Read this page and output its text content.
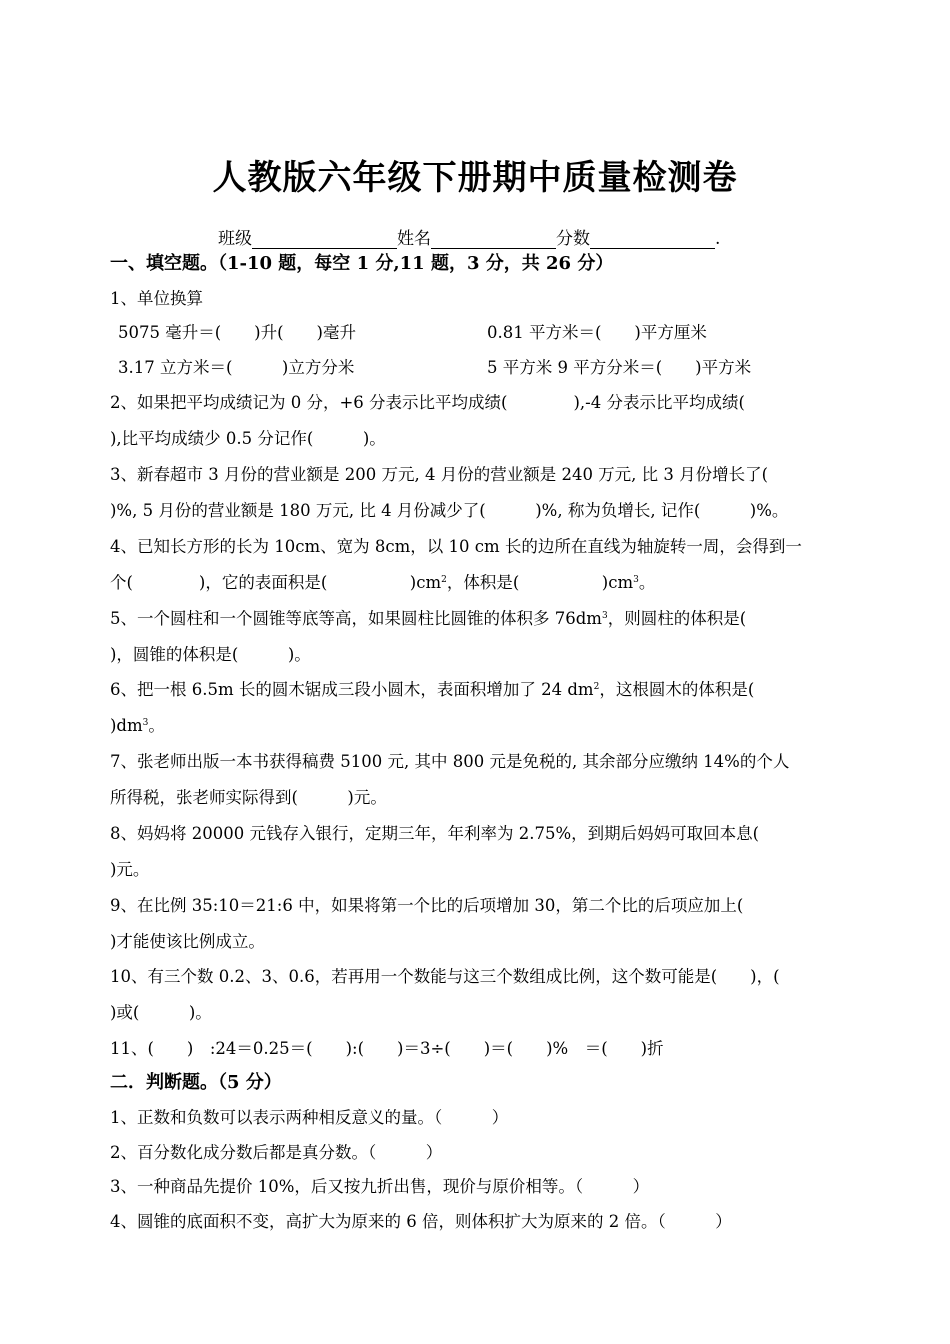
人教版六年级下册期中质量检测卷
班级	姓名	分数	.
一、填空题。（1-10 题，每空 1 分,11 题，3 分，共 26 分）
1、单位换算
5075 毫升＝(　　)升(　　)毫升	0.81 平方米＝(　　)平方厘米
3.17 立方米＝(　　　)立方分米	5 平方米 9 平方分米＝(　　)平方米
2、如果把平均成绩记为 0 分，+6 分表示比平均成绩(　　　　),-4 分表示比平均成绩(
),比平均成绩少 0.5 分记作(　　　)。
3、新春超市 3 月份的营业额是 200 万元, 4 月份的营业额是 240 万元, 比 3 月份增长了(
)%, 5 月份的营业额是 180 万元, 比 4 月份减少了(　　　)%, 称为负增长, 记作(　　　)%。
4、已知长方形的长为 10cm、宽为 8cm，以 10 cm 长的边所在直线为轴旋转一周，会得到一
个(　　　　)，它的表面积是(　　　　　)$cm^2$，体积是(　　　　　)$cm^3$。
5、一个圆柱和一个圆锥等底等高，如果圆柱比圆锥的体积多 $76dm^3$，则圆柱的体积是(
)，圆锥的体积是(　　　)。
6、把一根 6.5m 长的圆木锯成三段小圆木，表面积增加了 24 $dm^2$，这根圆木的体积是(
)$dm^3$。
7、张老师出版一本书获得稿费 5100 元, 其中 800 元是免税的, 其余部分应缴纳 14%的个人
所得税，张老师实际得到(　　　)元。
8、妈妈将 20000 元钱存入银行，定期三年，年利率为 2.75%，到期后妈妈可取回本息(
)元。
9、在比例 35:10＝21:6 中，如果将第一个比的后项增加 30，第二个比的后项应加上(
)才能使该比例成立。
10、有三个数 0.2、3、0.6，若再用一个数能与这三个数组成比例，这个数可能是(　　)，(
)或(　　　)。
11、(　　)　:24＝0.25＝(　　):(　　)＝3÷(　　)＝(　　)%　＝(　　)折
二．判断题。（5 分）
1、正数和负数可以表示两种相反意义的量。（　　　）
2、百分数化成分数后都是真分数。（　　　）
3、一种商品先提价 10%，后又按九折出售，现价与原价相等。（　　　）
4、圆锥的底面积不变，高扩大为原来的 6 倍，则体积扩大为原来的 2 倍。（　　　）
